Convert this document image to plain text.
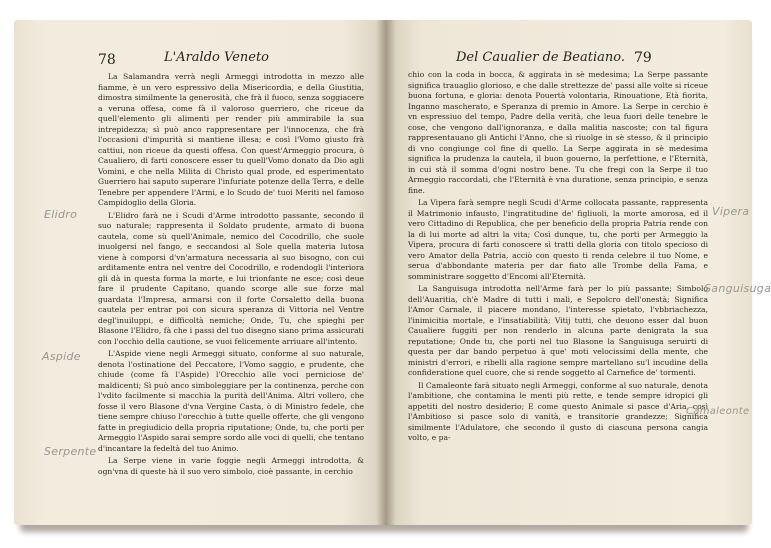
78	L'Araldo Veneto

La Salamandra verrà negli Armeggi introdotta in mezzo alle fiamme, è un vero espressivo della Misericordia, e della Giustitia, dimostra similmente la generosità, che frà il fuoco, senza soggiacere a veruna offesa, come fà il valoroso guerriero, che riceue da quell'elemento gli alimenti per render più ammirabile la sua intrepidezza; sì può anco rappresentare per l'innocenza, che frà l'occasioni d'impurità si mantiene illesa; e così l'Vomo giusto frà cattiui, non riceue da questi offesa. Con quest'Armeggio procura, ò Caualiero, di farti conoscere esser tu quell'Vomo donato da Dio agli Vomini, e che nella Milita di Christo qual prode, ed esperimentato Guerriero hai saputo superare l'infuriate potenze della Terra, e delle Tenebre per appendere l'Armi, e lo Scudo de' tuoi Meriti nel famoso Campidoglio della Gloria.

L'Elidro farà ne i Scudi d'Arme introdotto passante, secondo il suo naturale; rappresenta il Soldato prudente, armato di buona cautela, come sù quell'Animale, nemico del Cocodrillo, che suole inuolgersi nel fango, e seccandosi al Sole quella materia lutosa viene à comporsi d'vn'armatura necessaria al suo bisogno, con cui arditamente entra nel ventre del Cocodrillo, e rodendogli l'interiora gli dà in questa forma la morte, e lui trionfante ne esce; così deue fare il prudente Capitano, quando scorge alle sue forze mal guardata l'Impresa, armarsi con il forte Corsaletto della buona cautela per entrar poi con sicura speranza di Vittoria nel Ventre degl'inuiluppi, e difficoltà nemiche; Onde, Tu, che spieghi per Blasone l'Elidro, fà che i passi del tuo disegno siano prima assicurati con l'occhio della cautione, se vuoi felicemente arriuare all'intento.

L'Aspide viene negli Armeggi situato, conforme al suo naturale, denota l'ostinatione del Peccatore, l'Vomo saggio, e prudente, che chiude (come fà l'Aspide) l'Orecchio alle voci perniciose de' maldicenti; Sì può anco simboleggiare per la continenza, perche con l'vdito facilmente si macchia la purità dell'Anima. Altri vollero, che fosse il vero Blasone d'vna Vergine Casta, ò di Ministro fedele, che tiene sempre chiuso l'orecchio à tutte quelle offerte, che gli vengono fatte in pregiudicio della propria riputatione; Onde, tu, che porti per Armeggio l'Aspido sarai sempre sordo alle voci di quelli, che tentano d'incantare la fedeltà del tuo Animo.

La Serpe viene in varie foggie negli Armeggi introdotta, & ogn'vna di queste hà il suo vero simbolo, cioè passante, in cerchio

Elidro
Aspide
Serpente
Del Caualier de Beatiano. 79

chio con la coda in bocca, & aggirata in sè medesima; La Serpe passante significa trauaglio glorioso, e che dalle strettezze de' passi alle volte si riceue buona fortuna, e gloria: denota Pouertà volontaria, Rinouatione, Età fiorita, Inganno mascherato, e Speranza di premio in Amore. La Serpe in cerchio è vn espressiuo del tempo, Padre della verità, che leua fuori delle tenebre le cose, che vengono dall'ignoranza, e dalla malitia nascoste; con tal figura rappresentauano gli Antichi l'Anno, che sì riuolge in sè stesso, & il principio di vno congiunge col fine di quello. La Serpe aggirata in sè medesima significa la prudenza la cautela, il buon gouerno, la perfettione, e l'Eternità, in cui stà il somma d'ogni nostro bene. Tu che fregi con la Serpe il tuo Armeggio raccordati, che l'Eternità è vna duratione, senza principio, e senza fine.

La Vipera farà sempre negli Scudi d'Arme collocata passante, rappresenta il Matrimonio infausto, l'ingratitudine de' figliuoli, la morte amorosa, ed il vero Cittadino di Republica, che per beneficio della propria Patria rende con la di lui morte ad altri la vita; Così dunque, tu, che porti per Armeggio la Vipera, procura di farti conoscere sì tratti della gloria con titolo specioso di vero Amator della Patria, acciò con questo ti renda celebre il tuo Nome, e serua d'abbondante materia per dar fiato alle Trombe della Fama, e somministrare soggetto d'Encomi all'Eternità.

La Sanguisuga introdotta nell'Arme farà per lo più passante; Simbolo dell'Auaritia, ch'è Madre di tutti i mali, e Sepolcro dell'onestà; Significa l'Amor Carnale, il piacere mondano, l'interesse spietato, l'vbbriachezza, l'inimicitia mortale, e l'insatiabilità; Vitij tutti, che deuono esser dal buon Caualiere fuggiti per non renderlo in alcuna parte denigrata la sua reputatione; Onde tu, che porti nel tuo Blasone la Sanguisuga seruirti di questa per dar bando perpetuo à que' moti velocissimi della mente, che ministri d'errori, e ribelli alla ragione sempre martellano su'l incudine della confideratione quel cuore, che si rende soggetto al Carnefice de' tormenti.

Il Camaleonte farà situato negli Armeggi, conforme al suo naturale, denota l'ambitione, che contamina le menti più rette, e tende sempre idropici gli appetiti del nostro desiderio; E come questo Animale si pasce d'Aria, così l'Ambitioso si pasce solo di vanità, e transitorie grandezze; Significa similmente l'Adulatore, che secondo il gusto di ciascuna persona cangia volto, e pa-

Vipera
Sanguisuga
Camaleonte
